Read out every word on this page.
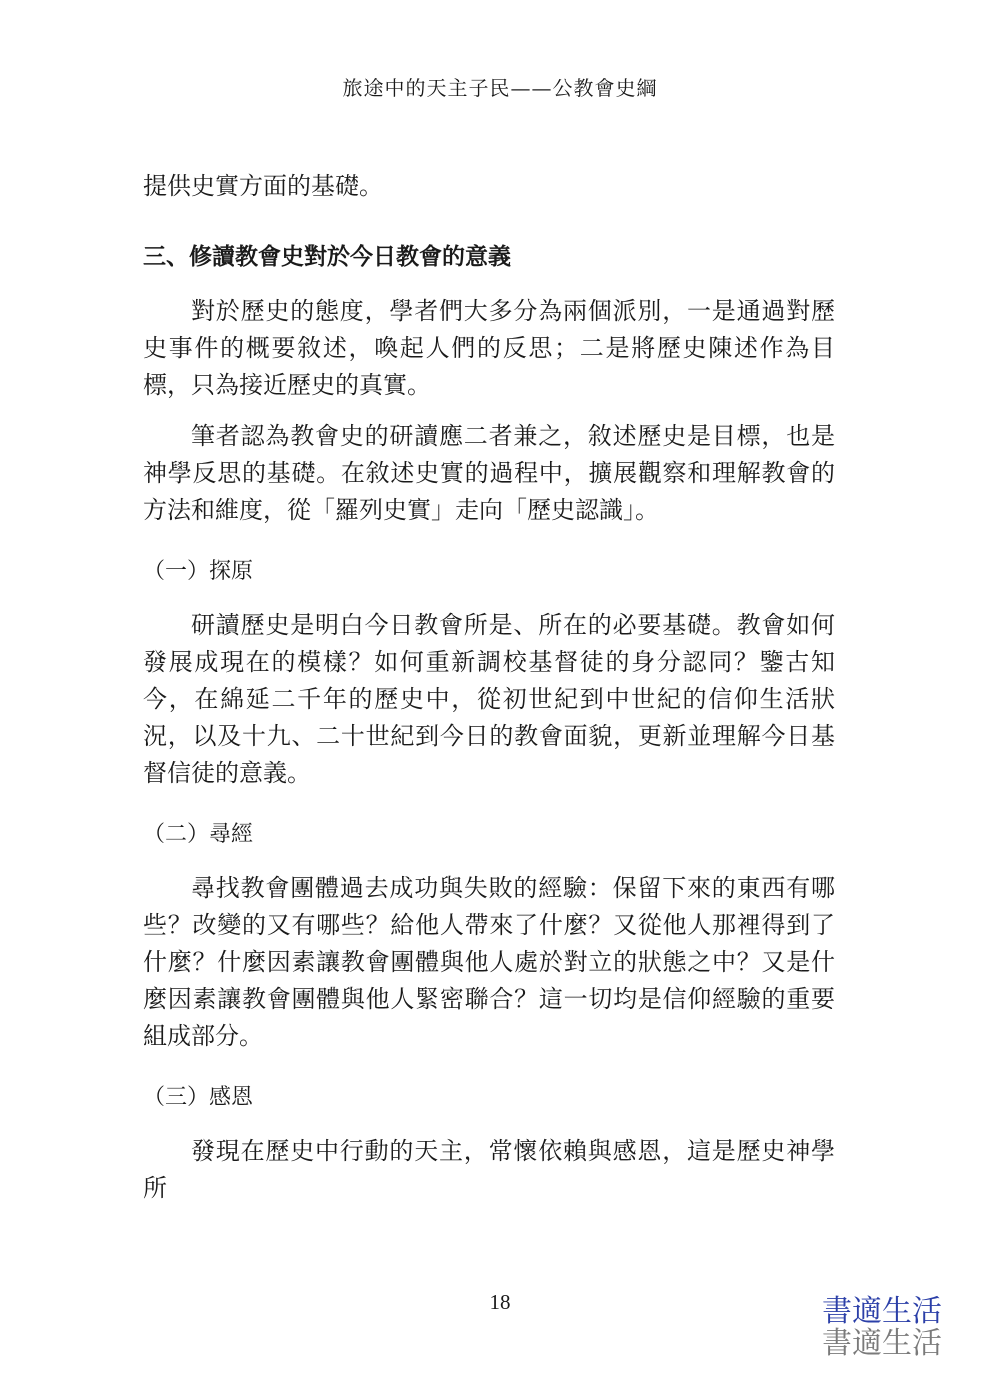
旅途中的天主子民——公教會史綱

提供史實方面的基礎。

三、修讀教會史對於今日教會的意義

對於歷史的態度，學者們大多分為兩個派別，一是通過對歷史事件的概要敘述，喚起人們的反思；二是將歷史陳述作為目標，只為接近歷史的真實。

筆者認為教會史的研讀應二者兼之，敘述歷史是目標，也是神學反思的基礎。在敘述史實的過程中，擴展觀察和理解教會的方法和維度，從「羅列史實」走向「歷史認識」。

（一）探原

研讀歷史是明白今日教會所是、所在的必要基礎。教會如何發展成現在的模樣？如何重新調校基督徒的身分認同？鑒古知今，在綿延二千年的歷史中，從初世紀到中世紀的信仰生活狀況，以及十九、二十世紀到今日的教會面貌，更新並理解今日基督信徒的意義。

（二）尋經

尋找教會團體過去成功與失敗的經驗：保留下來的東西有哪些？改變的又有哪些？給他人帶來了什麼？又從他人那裡得到了什麼？什麼因素讓教會團體與他人處於對立的狀態之中？又是什麼因素讓教會團體與他人緊密聯合？這一切均是信仰經驗的重要組成部分。

（三）感恩

發現在歷史中行動的天主，常懷依賴與感恩，這是歷史神學所

18	書適生活
書適生活
